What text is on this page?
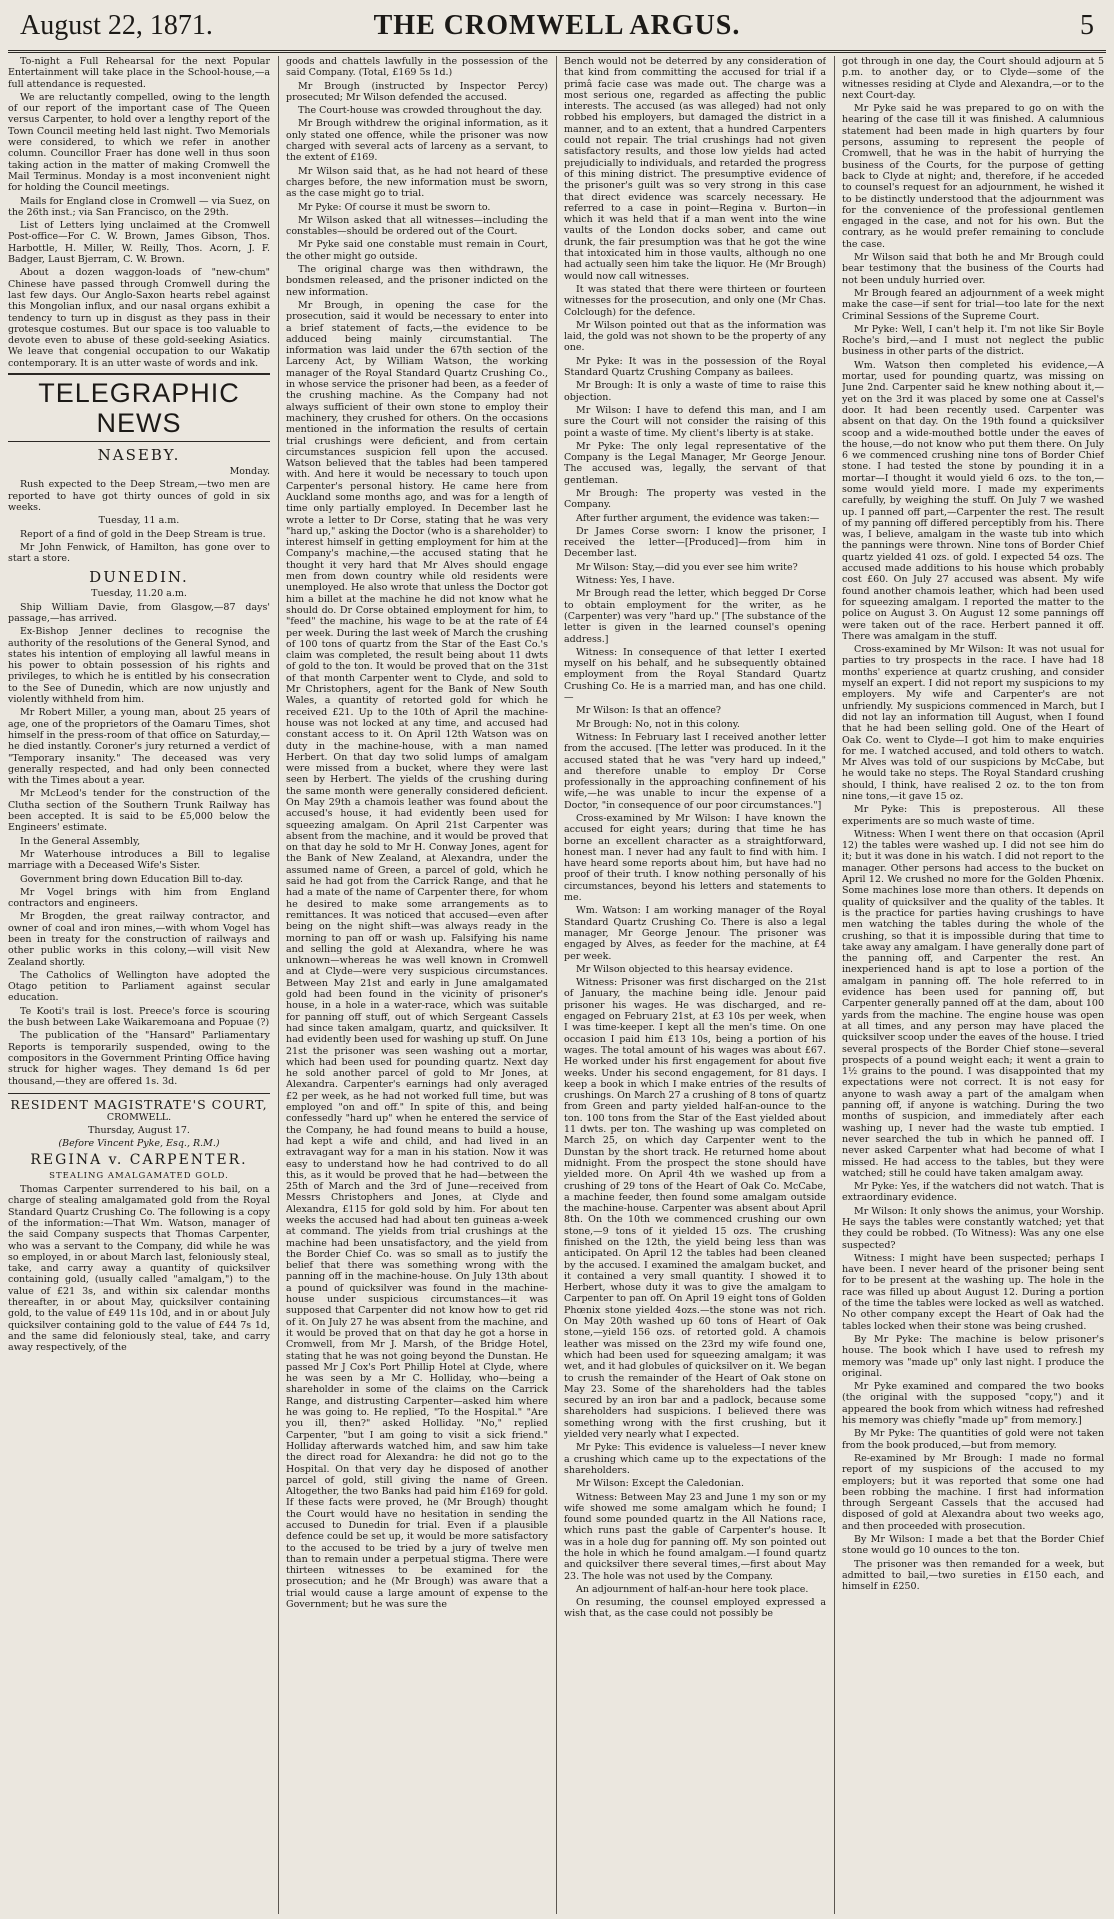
August 22, 1871.	THE CROMWELL ARGUS.	5

To-night a Full Rehearsal for the next Popular Entertainment will take place in the School-house,—a full attendance is requested.

We are reluctantly compelled, owing to the length of our report of the important case of The Queen versus Carpenter, to hold over a lengthy report of the Town Council meeting held last night. Two Memorials were considered, to which we refer in another column. Councillor Fraer has done well in thus soon taking action in the matter of making Cromwell the Mail Terminus. Monday is a most inconvenient night for holding the Council meetings.

Mails for England close in Cromwell — via Suez, on the 26th inst.; via San Francisco, on the 29th.

List of Letters lying unclaimed at the Cromwell Post-office—For C. W. Brown, James Gibson, Thos. Harbottle, H. Miller, W. Reilly, Thos. Acorn, J. F. Badger, Laust Bjerram, C. W. Brown.

About a dozen waggon-loads of "new-chum" Chinese have passed through Cromwell during the last few days. Our Anglo-Saxon hearts rebel against this Mongolian influx, and our nasal organs exhibit a tendency to turn up in disgust as they pass in their grotesque costumes. But our space is too valuable to devote even to abuse of these gold-seeking Asiatics. We leave that congenial occupation to our Wakatip contemporary. It is an utter waste of words and ink.

TELEGRAPHIC NEWS
NASEBY.

Monday.

Rush expected to the Deep Stream,—two men are reported to have got thirty ounces of gold in six weeks.

Tuesday, 11 a.m.

Report of a find of gold in the Deep Stream is true.

Mr John Fenwick, of Hamilton, has gone over to start a store.

DUNEDIN.

Tuesday, 11.20 a.m.

Ship William Davie, from Glasgow,—87 days' passage,—has arrived.

Ex-Bishop Jenner declines to recognise the authority of the resolutions of the General Synod, and states his intention of employing all lawful means in his power to obtain possession of his rights and privileges, to which he is entitled by his consecration to the See of Dunedin, which are now unjustly and violently withheld from him.

Mr Robert Miller, a young man, about 25 years of age, one of the proprietors of the Oamaru Times, shot himself in the press-room of that office on Saturday,—he died instantly. Coroner's jury returned a verdict of "Temporary insanity." The deceased was very generally respected, and had only been connected with the Times about a year.

Mr McLeod's tender for the construction of the Clutha section of the Southern Trunk Railway has been accepted. It is said to be £5,000 below the Engineers' estimate.

In the General Assembly,

Mr Waterhouse introduces a Bill to legalise marriage with a Deceased Wife's Sister.

Government bring down Education Bill to-day.

Mr Vogel brings with him from England contractors and engineers.

Mr Brogden, the great railway contractor, and owner of coal and iron mines,—with whom Vogel has been in treaty for the construction of railways and other public works in this colony,—will visit New Zealand shortly.

The Catholics of Wellington have adopted the Otago petition to Parliament against secular education.

Te Kooti's trail is lost. Preece's force is scouring the bush between Lake Waikaremoana and Popuae (?)

The publication of the "Hansard" Parliamentary Reports is temporarily suspended, owing to the compositors in the Government Printing Office having struck for higher wages. They demand 1s 6d per thousand,—they are offered 1s. 3d.

RESIDENT MAGISTRATE'S COURT,

CROMWELL.

Thursday, August 17.

(Before Vincent Pyke, Esq., R.M.)

REGINA v. CARPENTER.
STEALING AMALGAMATED GOLD.

Thomas Carpenter surrendered to his bail, on a charge of stealing amalgamated gold from the Royal Standard Quartz Crushing Co. The following is a copy of the information:—That Wm. Watson, manager of the said Company suspects that Thomas Carpenter, who was a servant to the Company, did while he was so employed, in or about March last, feloniously steal, take, and carry away a quantity of quicksilver containing gold, (usually called "amalgam,") to the value of £21 3s, and within six calendar months thereafter, in or about May, quicksilver containing gold, to the value of £49 11s 10d, and in or about July quicksilver containing gold to the value of £44 7s 1d, and the same did feloniously steal, take, and carry away respectively, of the

goods and chattels lawfully in the possession of the said Company. (Total, £169 5s 1d.)

Mr Brough (instructed by Inspector Percy) prosecuted; Mr Wilson defended the accused.

The Court-house was crowded throughout the day.

Mr Brough withdrew the original information, as it only stated one offence, while the prisoner was now charged with several acts of larceny as a servant, to the extent of £169.

Mr Wilson said that, as he had not heard of these charges before, the new information must be sworn, as the case might go to trial.

Mr Pyke: Of course it must be sworn to.

Mr Wilson asked that all witnesses—including the constables—should be ordered out of the Court.

Mr Pyke said one constable must remain in Court, the other might go outside.

The original charge was then withdrawn, the bondsmen released, and the prisoner indicted on the new information.

Mr Brough, in opening the case for the prosecution, said it would be necessary to enter into a brief statement of facts,—the evidence to be adduced being mainly circumstantial. The information was laid under the 67th section of the Larceny Act, by William Watson, the working manager of the Royal Standard Quartz Crushing Co., in whose service the prisoner had been, as a feeder of the crushing machine. As the Company had not always sufficient of their own stone to employ their machinery, they crushed for others. On the occasions mentioned in the information the results of certain trial crushings were deficient, and from certain circumstances suspicion fell upon the accused. Watson believed that the tables had been tampered with. And here it would be necessary to touch upon Carpenter's personal history. He came here from Auckland some months ago, and was for a length of time only partially employed. In December last he wrote a letter to Dr Corse, stating that he was very "hard up," asking the Doctor (who is a shareholder) to interest himself in getting employment for him at the Company's machine,—the accused stating that he thought it very hard that Mr Alves should engage men from down country while old residents were unemployed. He also wrote that unless the Doctor got him a billet at the machine he did not know what he should do. Dr Corse obtained employment for him, to "feed" the machine, his wage to be at the rate of £4 per week. During the last week of March the crushing of 100 tons of quartz from the Star of the East Co.'s claim was completed, the result being about 11 dwts of gold to the ton. It would be proved that on the 31st of that month Carpenter went to Clyde, and sold to Mr Christophers, agent for the Bank of New South Wales, a quantity of retorted gold for which he received £21. Up to the 10th of April the machine-house was not locked at any time, and accused had constant access to it. On April 12th Watson was on duty in the machine-house, with a man named Herbert. On that day two solid lumps of amalgam were missed from a bucket, where they were last seen by Herbert. The yields of the crushing during the same month were generally considered deficient. On May 29th a chamois leather was found about the accused's house, it had evidently been used for squeezing amalgam. On April 21st Carpenter was absent from the machine, and it would be proved that on that day he sold to Mr H. Conway Jones, agent for the Bank of New Zealand, at Alexandra, under the assumed name of Green, a parcel of gold, which he said he had got from the Carrick Range, and that he had a mate of the name of Carpenter there, for whom he desired to make some arrangements as to remittances. It was noticed that accused—even after being on the night shift—was always ready in the morning to pan off or wash up. Falsifying his name and selling the gold at Alexandra, where he was unknown—whereas he was well known in Cromwell and at Clyde—were very suspicious circumstances. Between May 21st and early in June amalgamated gold had been found in the vicinity of prisoner's house, in a hole in a water-race, which was suitable for panning off stuff, out of which Sergeant Cassels had since taken amalgam, quartz, and quicksilver. It had evidently been used for washing up stuff. On June 21st the prisoner was seen washing out a mortar, which had been used for pounding quartz. Next day he sold another parcel of gold to Mr Jones, at Alexandra. Carpenter's earnings had only averaged £2 per week, as he had not worked full time, but was employed "on and off." In spite of this, and being confessedly "hard up" when he entered the service of the Company, he had found means to build a house, had kept a wife and child, and had lived in an extravagant way for a man in his station. Now it was easy to understand how he had contrived to do all this, as it would be proved that he had—between the 25th of March and the 3rd of June—received from Messrs Christophers and Jones, at Clyde and Alexandra, £115 for gold sold by him. For about ten weeks the accused had had about ten guineas a-week at command. The yields from trial crushings at the machine had been unsatisfactory, and the yield from the Border Chief Co. was so small as to justify the belief that there was something wrong with the panning off in the machine-house. On July 13th about a pound of quicksilver was found in the machine-house under suspicious circumstances—it was supposed that Carpenter did not know how to get rid of it. On July 27 he was absent from the machine, and it would be proved that on that day he got a horse in Cromwell, from Mr J. Marsh, of the Bridge Hotel, stating that he was not going beyond the Dunstan. He passed Mr J Cox's Port Phillip Hotel at Clyde, where he was seen by a Mr C. Holliday, who—being a shareholder in some of the claims on the Carrick Range, and distrusting Carpenter—asked him where he was going to. He replied, "To the Hospital." "Are you ill, then?" asked Holliday. "No," replied Carpenter, "but I am going to visit a sick friend." Holliday afterwards watched him, and saw him take the direct road for Alexandra: he did not go to the Hospital. On that very day he disposed of another parcel of gold, still giving the name of Green. Altogether, the two Banks had paid him £169 for gold. If these facts were proved, he (Mr Brough) thought the Court would have no hesitation in sending the accused to Dunedin for trial. Even if a plausible defence could be set up, it would be more satisfactory to the accused to be tried by a jury of twelve men than to remain under a perpetual stigma. There were thirteen witnesses to be examined for the prosecution; and he (Mr Brough) was aware that a trial would cause a large amount of expense to the Government; but he was sure the

Bench would not be deterred by any consideration of that kind from committing the accused for trial if a primâ facie case was made out. The charge was a most serious one, regarded as affecting the public interests. The accused (as was alleged) had not only robbed his employers, but damaged the district in a manner, and to an extent, that a hundred Carpenters could not repair. The trial crushings had not given satisfactory results, and those low yields had acted prejudicially to individuals, and retarded the progress of this mining district. The presumptive evidence of the prisoner's guilt was so very strong in this case that direct evidence was scarcely necessary. He referred to a case in point—Regina v. Burton—in which it was held that if a man went into the wine vaults of the London docks sober, and came out drunk, the fair presumption was that he got the wine that intoxicated him in those vaults, although no one had actually seen him take the liquor. He (Mr Brough) would now call witnesses.

It was stated that there were thirteen or fourteen witnesses for the prosecution, and only one (Mr Chas. Colclough) for the defence.

Mr Wilson pointed out that as the information was laid, the gold was not shown to be the property of any one.

Mr Pyke: It was in the possession of the Royal Standard Quartz Crushing Company as bailees.

Mr Brough: It is only a waste of time to raise this objection.

Mr Wilson: I have to defend this man, and I am sure the Court will not consider the raising of this point a waste of time. My client's liberty is at stake.

Mr Pyke: The only legal representative of the Company is the Legal Manager, Mr George Jenour. The accused was, legally, the servant of that gentleman.

Mr Brough: The property was vested in the Company.

After further argument, the evidence was taken:—

Dr James Corse sworn: I know the prisoner, I received the letter—[Produced]—from him in December last.

Mr Wilson: Stay,—did you ever see him write?

Witness: Yes, I have.

Mr Brough read the letter, which begged Dr Corse to obtain employment for the writer, as he (Carpenter) was very "hard up." [The substance of the letter is given in the learned counsel's opening address.]

Witness: In consequence of that letter I exerted myself on his behalf, and he subsequently obtained employment from the Royal Standard Quartz Crushing Co. He is a married man, and has one child.—

Mr Wilson: Is that an offence?

Mr Brough: No, not in this colony.

Witness: In February last I received another letter from the accused. [The letter was produced. In it the accused stated that he was "very hard up indeed," and therefore unable to employ Dr Corse professionally in the approaching confinement of his wife,—he was unable to incur the expense of a Doctor, "in consequence of our poor circumstances."]

Cross-examined by Mr Wilson: I have known the accused for eight years; during that time he has borne an excellent character as a straightforward, honest man. I never had any fault to find with him. I have heard some reports about him, but have had no proof of their truth. I know nothing personally of his circumstances, beyond his letters and statements to me.

Wm. Watson: I am working manager of the Royal Standard Quartz Crushing Co. There is also a legal manager, Mr George Jenour. The prisoner was engaged by Alves, as feeder for the machine, at £4 per week.

Mr Wilson objected to this hearsay evidence.

Witness: Prisoner was first discharged on the 21st of January, the machine being idle. Jenour paid prisoner his wages. He was discharged, and re-engaged on February 21st, at £3 10s per week, when I was time-keeper. I kept all the men's time. On one occasion I paid him £13 10s, being a portion of his wages. The total amount of his wages was about £67. He worked under his first engagement for about five weeks. Under his second engagement, for 81 days. I keep a book in which I make entries of the results of crushings. On March 27 a crushing of 8 tons of quartz from Green and party yielded half-an-ounce to the ton. 100 tons from the Star of the East yielded about 11 dwts. per ton. The washing up was completed on March 25, on which day Carpenter went to the Dunstan by the short track. He returned home about midnight. From the prospect the stone should have yielded more. On April 4th we washed up from a crushing of 29 tons of the Heart of Oak Co. McCabe, a machine feeder, then found some amalgam outside the machine-house. Carpenter was absent about April 8th. On the 10th we commenced crushing our own stone,—9 tons of it yielded 15 ozs. The crushing finished on the 12th, the yield being less than was anticipated. On April 12 the tables had been cleaned by the accused. I examined the amalgam bucket, and it contained a very small quantity. I showed it to Herbert, whose duty it was to give the amalgam to Carpenter to pan off. On April 19 eight tons of Golden Phœnix stone yielded 4ozs.—the stone was not rich. On May 20th washed up 60 tons of Heart of Oak stone,—yield 156 ozs. of retorted gold. A chamois leather was missed on the 23rd my wife found one, which had been used for squeezing amalgam; it was wet, and it had globules of quicksilver on it. We began to crush the remainder of the Heart of Oak stone on May 23. Some of the shareholders had the tables secured by an iron bar and a padlock, because some shareholders had suspicions. I believed there was something wrong with the first crushing, but it yielded very nearly what I expected.

Mr Pyke: This evidence is valueless—I never knew a crushing which came up to the expectations of the shareholders.

Mr Wilson: Except the Caledonian.

Witness: Between May 23 and June 1 my son or my wife showed me some amalgam which he found; I found some pounded quartz in the All Nations race, which runs past the gable of Carpenter's house. It was in a hole dug for panning off. My son pointed out the hole in which he found amalgam.—I found quartz and quicksilver there several times,—first about May 23. The hole was not used by the Company.

An adjournment of half-an-hour here took place.

On resuming, the counsel employed expressed a wish that, as the case could not possibly be

got through in one day, the Court should adjourn at 5 p.m. to another day, or to Clyde—some of the witnesses residing at Clyde and Alexandra,—or to the next Court-day.

Mr Pyke said he was prepared to go on with the hearing of the case till it was finished. A calumnious statement had been made in high quarters by four persons, assuming to represent the people of Cromwell, that he was in the habit of hurrying the business of the Courts, for the purpose of getting back to Clyde at night; and, therefore, if he acceded to counsel's request for an adjournment, he wished it to be distinctly understood that the adjournment was for the convenience of the professional gentlemen engaged in the case, and not for his own. But the contrary, as he would prefer remaining to conclude the case.

Mr Wilson said that both he and Mr Brough could bear testimony that the business of the Courts had not been unduly hurried over.

Mr Brough feared an adjournment of a week might make the case—if sent for trial—too late for the next Criminal Sessions of the Supreme Court.

Mr Pyke: Well, I can't help it. I'm not like Sir Boyle Roche's bird,—and I must not neglect the public business in other parts of the district.

Wm. Watson then completed his evidence,—A mortar, used for pounding quartz, was missing on June 2nd. Carpenter said he knew nothing about it,—yet on the 3rd it was placed by some one at Cassel's door. It had been recently used. Carpenter was absent on that day. On the 19th found a quicksilver scoop and a wide-mouthed bottle under the eaves of the house,—do not know who put them there. On July 6 we commenced crushing nine tons of Border Chief stone. I had tested the stone by pounding it in a mortar—I thought it would yield 6 ozs. to the ton,—some would yield more. I made my experiments carefully, by weighing the stuff. On July 7 we washed up. I panned off part,—Carpenter the rest. The result of my panning off differed perceptibly from his. There was, I believe, amalgam in the waste tub into which the pannings were thrown. Nine tons of Border Chief quartz yielded 41 ozs. of gold. I expected 54 ozs. The accused made additions to his house which probably cost £60. On July 27 accused was absent. My wife found another chamois leather, which had been used for squeezing amalgam. I reported the matter to the police on August 3. On August 12 some pannings off were taken out of the race. Herbert panned it off. There was amalgam in the stuff.

Cross-examined by Mr Wilson: It was not usual for parties to try prospects in the race. I have had 18 months' experience at quartz crushing, and consider myself an expert. I did not report my suspicions to my employers. My wife and Carpenter's are not unfriendly. My suspicions commenced in March, but I did not lay an information till August, when I found that he had been selling gold. One of the Heart of Oak Co. went to Clyde—I got him to make enquiries for me. I watched accused, and told others to watch. Mr Alves was told of our suspicions by McCabe, but he would take no steps. The Royal Standard crushing should, I think, have realised 2 oz. to the ton from nine tons,—it gave 15 oz.

Mr Pyke: This is preposterous. All these experiments are so much waste of time.

Witness: When I went there on that occasion (April 12) the tables were washed up. I did not see him do it; but it was done in his watch. I did not report to the manager. Other persons had access to the bucket on April 12. We crushed no more for the Golden Phœnix. Some machines lose more than others. It depends on quality of quicksilver and the quality of the tables. It is the practice for parties having crushings to have men watching the tables during the whole of the crushing, so that it is impossible during that time to take away any amalgam. I have generally done part of the panning off, and Carpenter the rest. An inexperienced hand is apt to lose a portion of the amalgam in panning off. The hole referred to in evidence has been used for panning off, but Carpenter generally panned off at the dam, about 100 yards from the machine. The engine house was open at all times, and any person may have placed the quicksilver scoop under the eaves of the house. I tried several prospects of the Border Chief stone—several prospects of a pound weight each; it went a grain to 1½ grains to the pound. I was disappointed that my expectations were not correct. It is not easy for anyone to wash away a part of the amalgam when panning off, if anyone is watching. During the two months of suspicion, and immediately after each washing up, I never had the waste tub emptied. I never searched the tub in which he panned off. I never asked Carpenter what had become of what I missed. He had access to the tables, but they were watched; still he could have taken amalgam away.

Mr Pyke: Yes, if the watchers did not watch. That is extraordinary evidence.

Mr Wilson: It only shows the animus, your Worship. He says the tables were constantly watched; yet that they could be robbed. (To Witness): Was any one else suspected?

Witness: I might have been suspected; perhaps I have been. I never heard of the prisoner being sent for to be present at the washing up. The hole in the race was filled up about August 12. During a portion of the time the tables were locked as well as watched. No other company except the Heart of Oak had the tables locked when their stone was being crushed.

By Mr Pyke: The machine is below prisoner's house. The book which I have used to refresh my memory was "made up" only last night. I produce the original.

Mr Pyke examined and compared the two books (the original with the supposed "copy,") and it appeared the book from which witness had refreshed his memory was chiefly "made up" from memory.]

By Mr Pyke: The quantities of gold were not taken from the book produced,—but from memory.

Re-examined by Mr Brough: I made no formal report of my suspicions of the accused to my employers; but it was reported that some one had been robbing the machine. I first had information through Sergeant Cassels that the accused had disposed of gold at Alexandra about two weeks ago, and then proceeded with prosecution.

By Mr Wilson: I made a bet that the Border Chief stone would go 10 ounces to the ton.

The prisoner was then remanded for a week, but admitted to bail,—two sureties in £150 each, and himself in £250.
